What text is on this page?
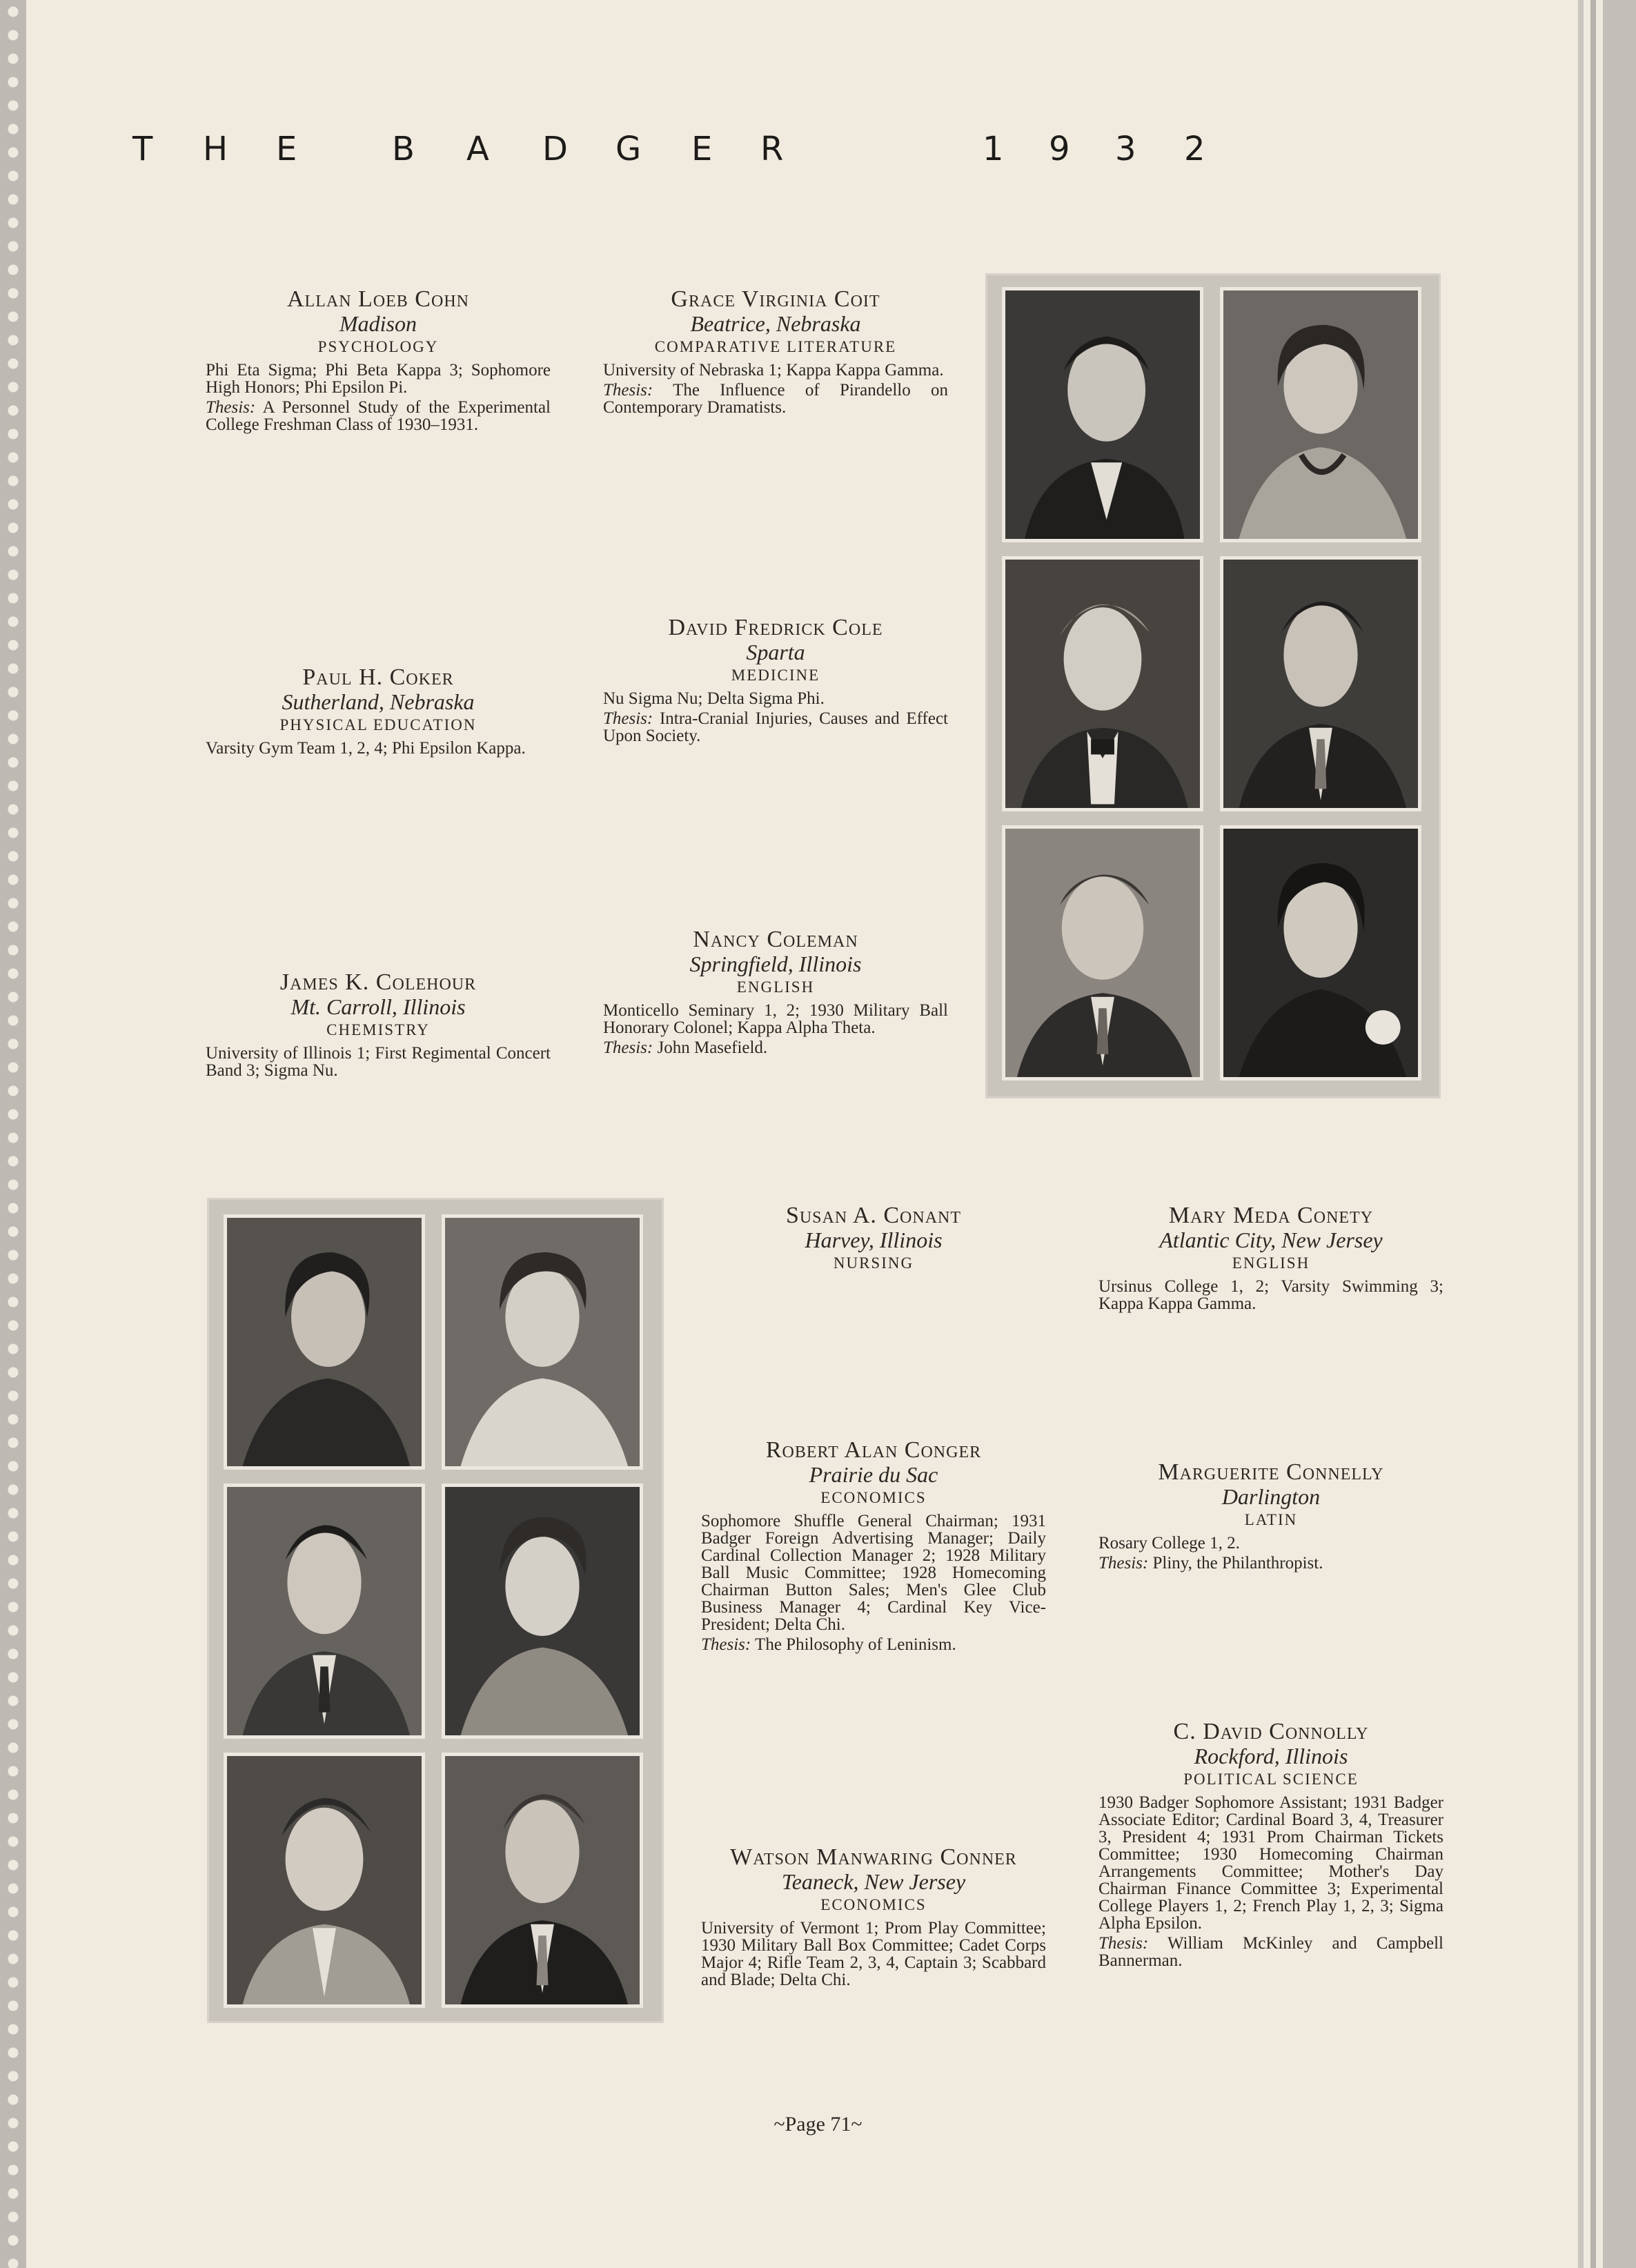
T H E	B A D G E R	1 9 3 2
Allan Loeb Cohn
Madison
PSYCHOLOGY
Phi Eta Sigma; Phi Beta Kappa 3; Sophomore High Honors; Phi Epsilon Pi.
Thesis: A Personnel Study of the Experimental College Freshman Class of 1930–1931.
Grace Virginia Coit
Beatrice, Nebraska
COMPARATIVE LITERATURE
University of Nebraska 1; Kappa Kappa Gamma.
Thesis: The Influence of Pirandello on Contemporary Dramatists.
Paul H. Coker
Sutherland, Nebraska
PHYSICAL EDUCATION
Varsity Gym Team 1, 2, 4; Phi Epsilon Kappa.
David Fredrick Cole
Sparta
MEDICINE
Nu Sigma Nu; Delta Sigma Phi.
Thesis: Intra-Cranial Injuries, Causes and Effect Upon Society.
James K. Colehour
Mt. Carroll, Illinois
CHEMISTRY
University of Illinois 1; First Regimental Concert Band 3; Sigma Nu.
Nancy Coleman
Springfield, Illinois
ENGLISH
Monticello Seminary 1, 2; 1930 Military Ball Honorary Colonel; Kappa Alpha Theta.
Thesis: John Masefield.
Susan A. Conant
Harvey, Illinois
NURSING
Mary Meda Conety
Atlantic City, New Jersey
ENGLISH
Ursinus College 1, 2; Varsity Swimming 3; Kappa Kappa Gamma.
Robert Alan Conger
Prairie du Sac
ECONOMICS
Sophomore Shuffle General Chairman; 1931 Badger Foreign Advertising Manager; Daily Cardinal Collection Manager 2; 1928 Military Ball Music Committee; 1928 Homecoming Chairman Button Sales; Men's Glee Club Business Manager 4; Cardinal Key Vice-President; Delta Chi.
Thesis: The Philosophy of Leninism.
Marguerite Connelly
Darlington
LATIN
Rosary College 1, 2.
Thesis: Pliny, the Philanthropist.
C. David Connolly
Rockford, Illinois
POLITICAL SCIENCE
1930 Badger Sophomore Assistant; 1931 Badger Associate Editor; Cardinal Board 3, 4, Treasurer 3, President 4; 1931 Prom Chairman Tickets Committee; 1930 Homecoming Chairman Arrangements Committee; Mother's Day Chairman Finance Committee 3; Experimental College Players 1, 2; French Play 1, 2, 3; Sigma Alpha Epsilon.
Thesis: William McKinley and Campbell Bannerman.
Watson Manwaring Conner
Teaneck, New Jersey
ECONOMICS
University of Vermont 1; Prom Play Committee; 1930 Military Ball Box Committee; Cadet Corps Major 4; Rifle Team 2, 3, 4, Captain 3; Scabbard and Blade; Delta Chi.
~Page 71~
